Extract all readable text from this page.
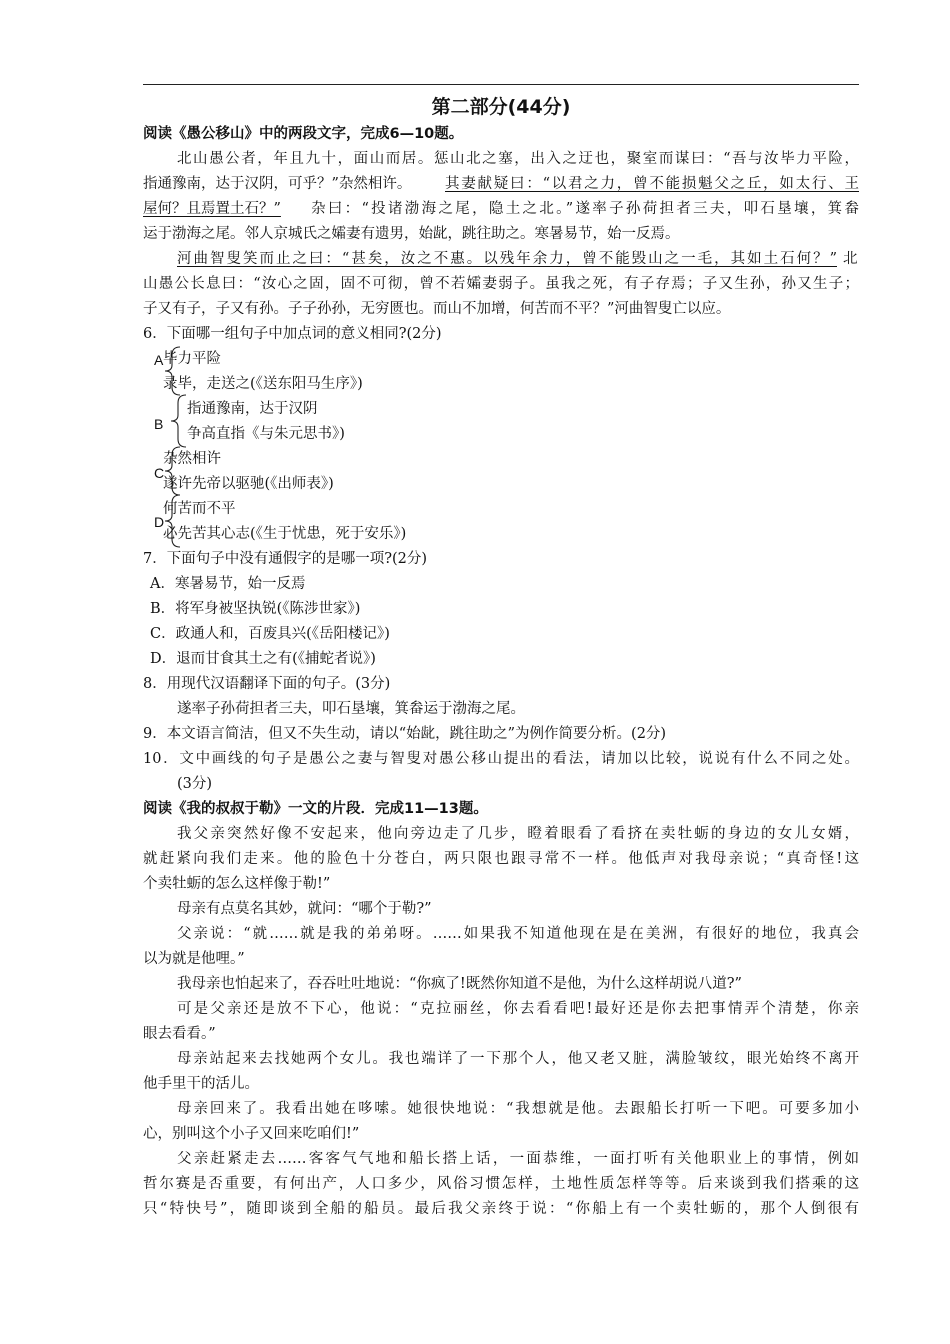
第二部分(44分)
阅读《愚公移山》中的两段文字，完成6—10题。
北山愚公者，年且九十，面山而居。惩山北之塞，出入之迂也，聚室而谋曰：“吾与汝毕力平险，
指通豫南，达于汉阴，可乎？”杂然相许。 其妻献疑曰：“以君之力，曾不能损魁父之丘，如太行、王
屋何？且焉置土石？” 杂曰：“投诸渤海之尾，隐土之北。”遂率子孙荷担者三夫，叩石垦壤，箕畚
运于渤海之尾。邻人京城氏之孀妻有遗男，始龀，跳往助之。寒暑易节，始一反焉。
河曲智叟笑而止之曰：“甚矣，汝之不惠。以残年余力，曾不能毁山之一毛，其如土石何？” 北
山愚公长息曰：“汝心之固，固不可彻，曾不若孀妻弱子。虽我之死，有子存焉；子又生孙，孙又生子；
子又有子，子又有孙。子子孙孙，无穷匮也。而山不加增，何苦而不平？”河曲智叟亡以应。
6．下面哪一组句子中加点词的意义相同?(2分)
A
B
C
D
毕力平险
录毕，走送之(《送东阳马生序》)
指通豫南，达于汉阴
争高直指《与朱元思书》)
杂然相许
遂许先帝以驱驰(《出师表》)
何苦而不平
必先苦其心志(《生于忧患，死于安乐》)
7．下面句子中没有通假字的是哪一项?(2分)
A．寒暑易节，始一反焉
B．将军身被坚执锐(《陈涉世家》)
C．政通人和，百废具兴(《岳阳楼记》)
D．退而甘食其土之有(《捕蛇者说》)
8．用现代汉语翻译下面的句子。(3分)
遂率子孙荷担者三夫，叩石垦壤，箕畚运于渤海之尾。
9．本文语言简洁，但又不失生动，请以“始龀，跳往助之”为例作简要分析。(2分)
10．文中画线的句子是愚公之妻与智叟对愚公移山提出的看法，请加以比较，说说有什么不同之处。
(3分)
阅读《我的叔叔于勒》一文的片段．完成11—13题。
我父亲突然好像不安起来，他向旁边走了几步，瞪着眼看了看挤在卖牡蛎的身边的女儿女婿，
就赶紧向我们走来。他的脸色十分苍白，两只限也跟寻常不一样。他低声对我母亲说；“真奇怪!这
个卖牡蛎的怎么这样像于勒!”
母亲有点莫名其妙，就问：“哪个于勒?”
父亲说：“就……就是我的弟弟呀。……如果我不知道他现在是在美洲，有很好的地位，我真会
以为就是他哩。”
我母亲也怕起来了，吞吞吐吐地说：“你疯了!既然你知道不是他，为什么这样胡说八道?”
可是父亲还是放不下心，他说：“克拉丽丝，你去看看吧!最好还是你去把事情弄个清楚，你亲
眼去看看。”
母亲站起来去找她两个女儿。我也端详了一下那个人，他又老又脏，满脸皱纹，眼光始终不离开
他手里干的活儿。
母亲回来了。我看出她在哆嗦。她很快地说：“我想就是他。去跟船长打听一下吧。可要多加小
心，别叫这个小子又回来吃咱们!”
父亲赶紧走去……客客气气地和船长搭上话，一面恭维，一面打听有关他职业上的事情，例如
哲尔赛是否重要，有何出产，人口多少，风俗习惯怎样，土地性质怎样等等。后来谈到我们搭乘的这
只“特快号”，随即谈到全船的船员。最后我父亲终于说：“你船上有一个卖牡蛎的，那个人倒很有
